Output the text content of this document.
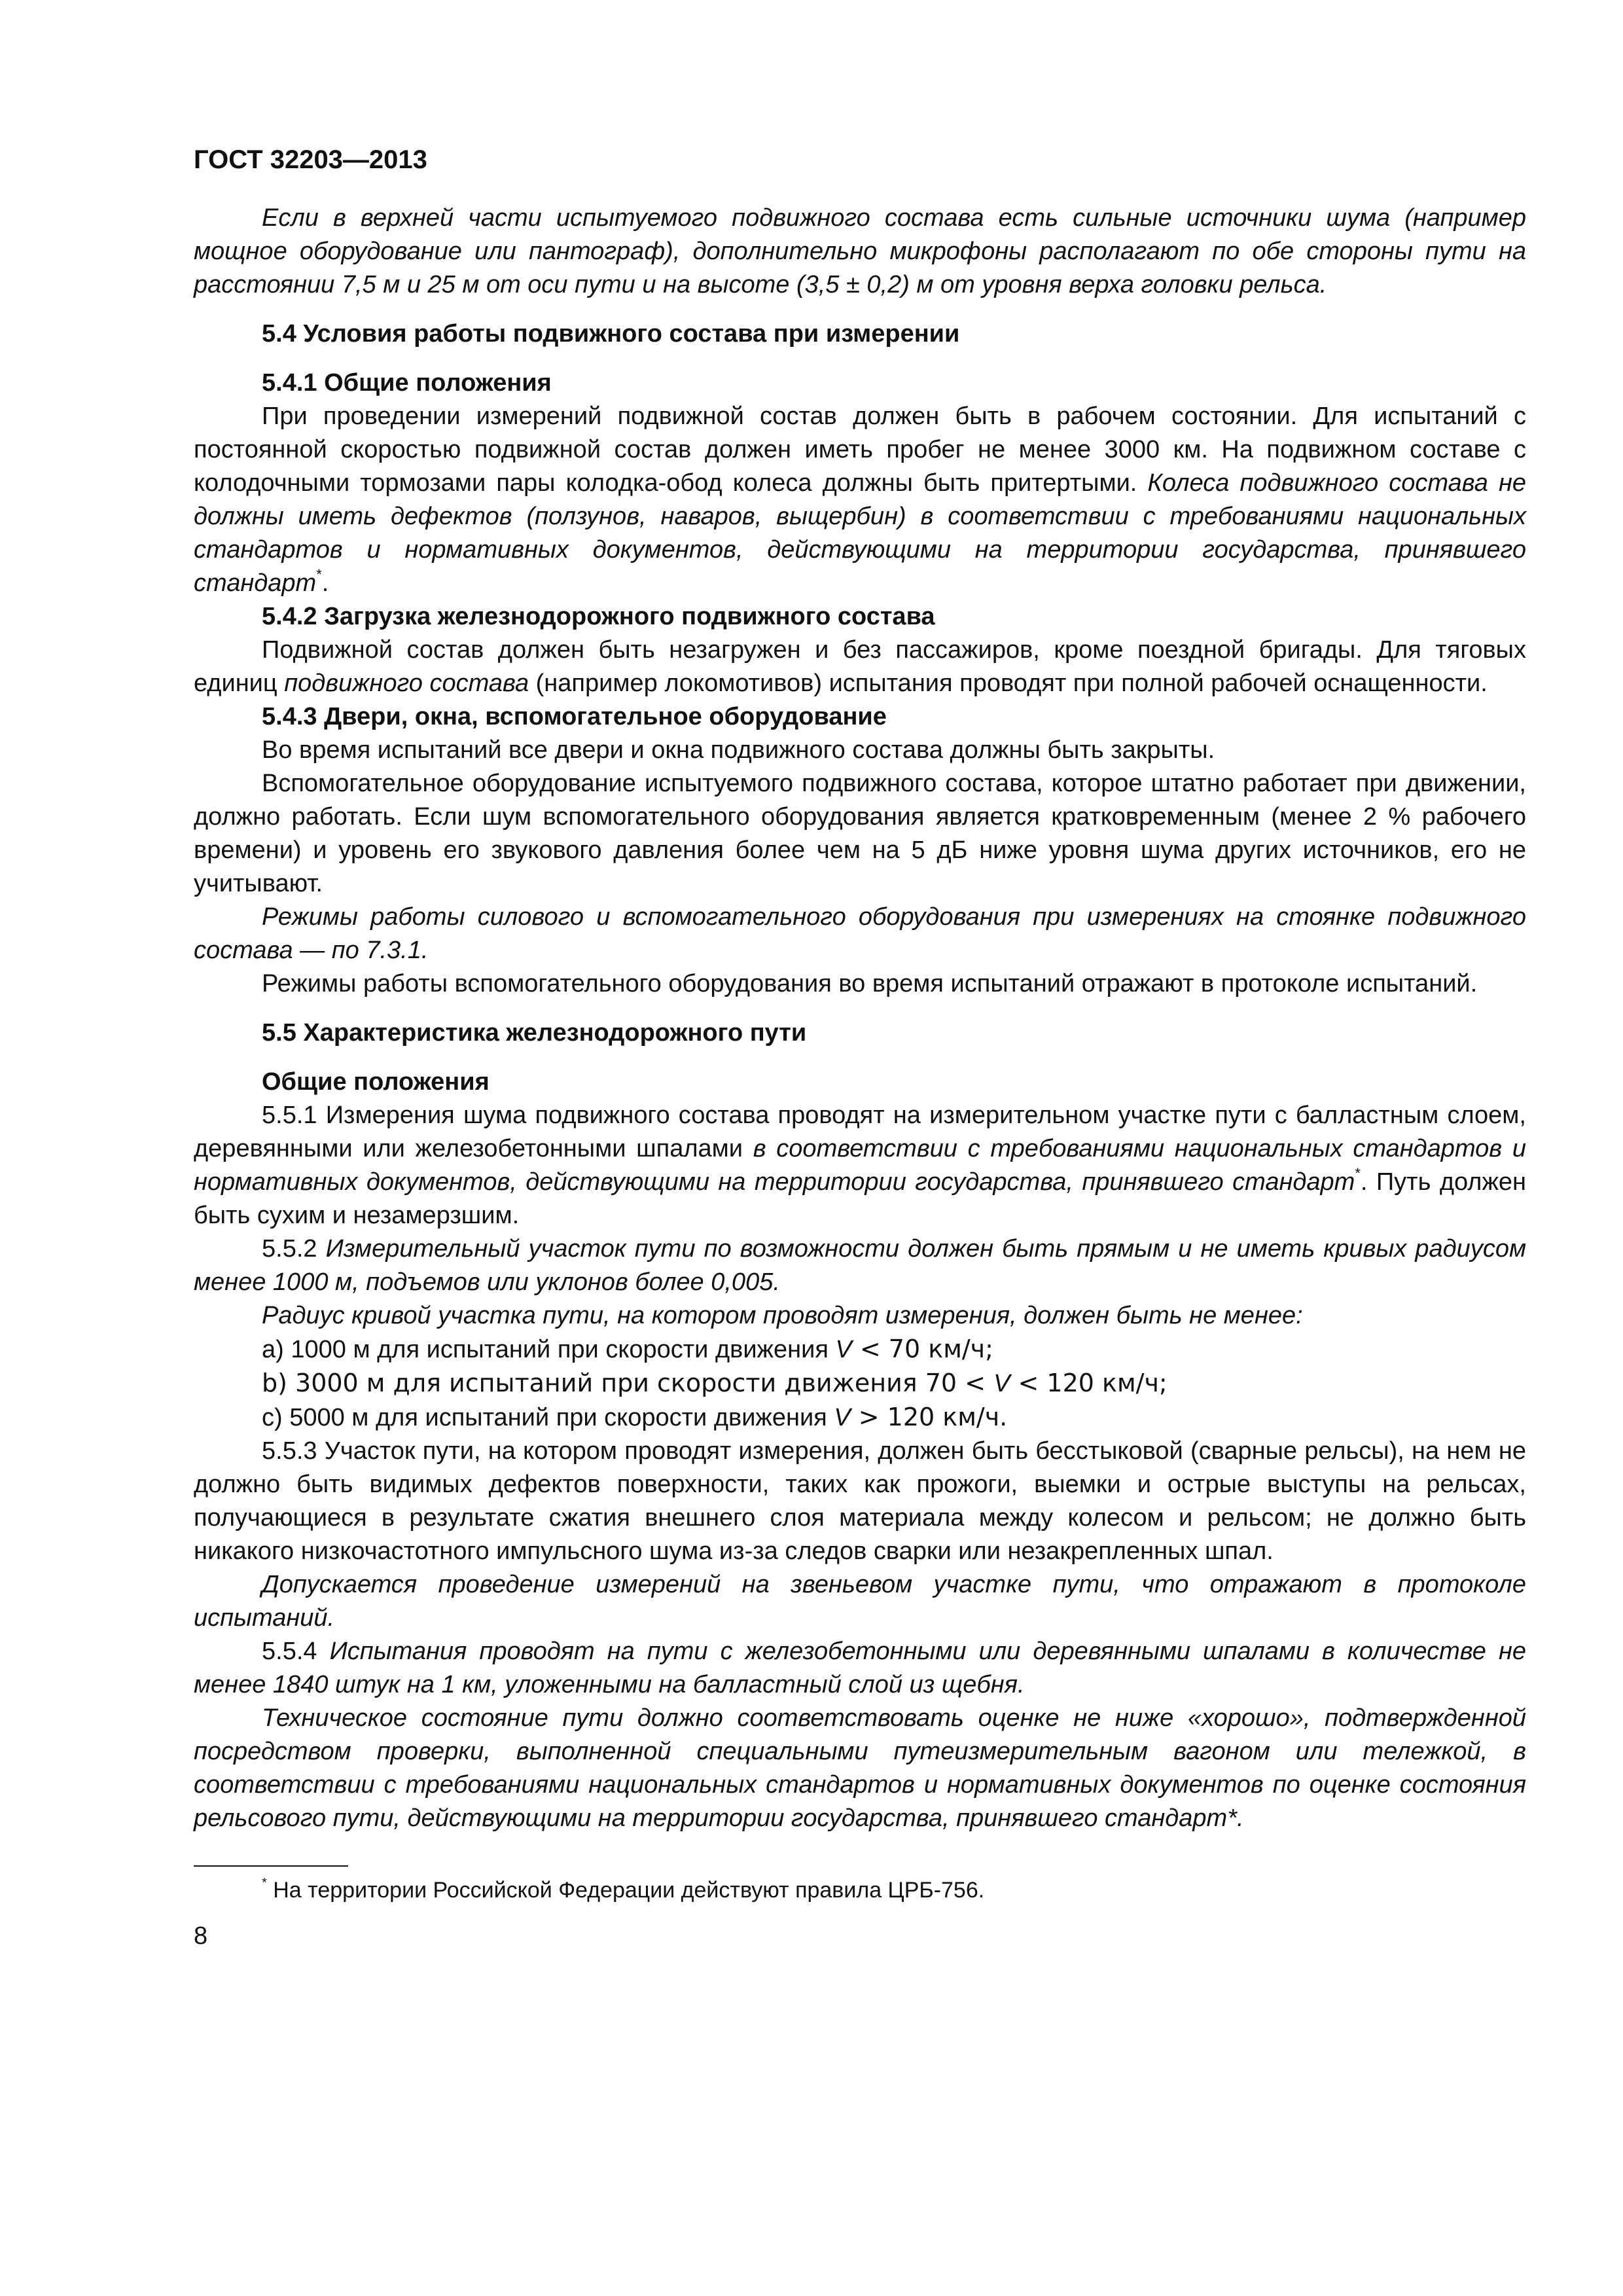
ГОСТ 32203—2013

Если в верхней части испытуемого подвижного состава есть сильные источники шума (например мощное оборудование или пантограф), дополнительно микрофоны располагают по обе стороны пути на расстоянии 7,5 м и 25 м от оси пути и на высоте (3,5 ± 0,2) м от уровня верха головки рельса.

5.4 Условия работы подвижного состава при измерении

5.4.1 Общие положения

При проведении измерений подвижной состав должен быть в рабочем состоянии. Для испытаний с постоянной скоростью подвижной состав должен иметь пробег не менее 3000 км. На подвижном составе с колодочными тормозами пары колодка-обод колеса должны быть притертыми. Колеса подвижного состава не должны иметь дефектов (ползунов, наваров, выщербин) в соответствии с требованиями национальных стандартов и нормативных документов, действующими на территории государства, принявшего стандарт*.

5.4.2 Загрузка железнодорожного подвижного состава

Подвижной состав должен быть незагружен и без пассажиров, кроме поездной бригады. Для тяговых единиц подвижного состава (например локомотивов) испытания проводят при полной рабочей оснащенности.

5.4.3 Двери, окна, вспомогательное оборудование

Во время испытаний все двери и окна подвижного состава должны быть закрыты.

Вспомогательное оборудование испытуемого подвижного состава, которое штатно работает при движении, должно работать. Если шум вспомогательного оборудования является кратковременным (менее 2 % рабочего времени) и уровень его звукового давления более чем на 5 дБ ниже уровня шума других источников, его не учитывают.

Режимы работы силового и вспомогательного оборудования при измерениях на стоянке подвижного состава — по 7.3.1.

Режимы работы вспомогательного оборудования во время испытаний отражают в протоколе испытаний.

5.5 Характеристика железнодорожного пути

Общие положения

5.5.1 Измерения шума подвижного состава проводят на измерительном участке пути с балластным слоем, деревянными или железобетонными шпалами в соответствии с требованиями национальных стандартов и нормативных документов, действующими на территории государства, принявшего стандарт*. Путь должен быть сухим и незамерзшим.

5.5.2 Измерительный участок пути по возможности должен быть прямым и не иметь кривых радиусом менее 1000 м, подъемов или уклонов более 0,005.

Радиус кривой участка пути, на котором проводят измерения, должен быть не менее:

a) 1000 м для испытаний при скорости движения V < 70 км/ч;

b) 3000 м для испытаний при скорости движения 70 < V < 120 км/ч;

c) 5000 м для испытаний при скорости движения V > 120 км/ч.

5.5.3 Участок пути, на котором проводят измерения, должен быть бесстыковой (сварные рельсы), на нем не должно быть видимых дефектов поверхности, таких как прожоги, выемки и острые выступы на рельсах, получающиеся в результате сжатия внешнего слоя материала между колесом и рельсом; не должно быть никакого низкочастотного импульсного шума из-за следов сварки или незакрепленных шпал.

Допускается проведение измерений на звеньевом участке пути, что отражают в протоколе испытаний.

5.5.4 Испытания проводят на пути с железобетонными или деревянными шпалами в количестве не менее 1840 штук на 1 км, уложенными на балластный слой из щебня.

Техническое состояние пути должно соответствовать оценке не ниже «хорошо», подтвержденной посредством проверки, выполненной специальными путеизмерительным вагоном или тележкой, в соответствии с требованиями национальных стандартов и нормативных документов по оценке состояния рельсового пути, действующими на территории государства, принявшего стандарт*.

* На территории Российской Федерации действуют правила ЦРБ-756.

8
